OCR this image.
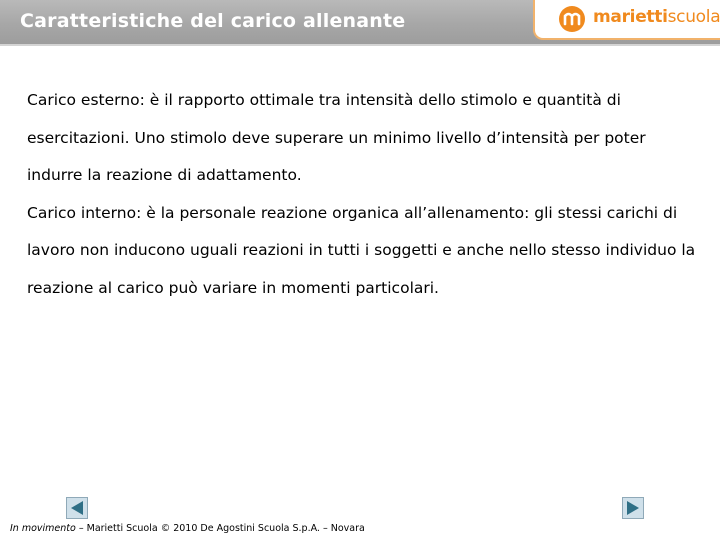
Caratteristiche del carico allenante	mariettiscuola

Carico esterno: è il rapporto ottimale tra intensità dello stimolo e quantità di esercitazioni. Uno stimolo deve superare un minimo livello d’intensità per poter indurre la reazione di adattamento.

Carico interno: è la personale reazione organica all’allenamento: gli stessi carichi di lavoro non inducono uguali reazioni in tutti i soggetti e anche nello stesso individuo la reazione al carico può variare in momenti particolari.

In movimento – Marietti Scuola © 2010 De Agostini Scuola S.p.A. – Novara
